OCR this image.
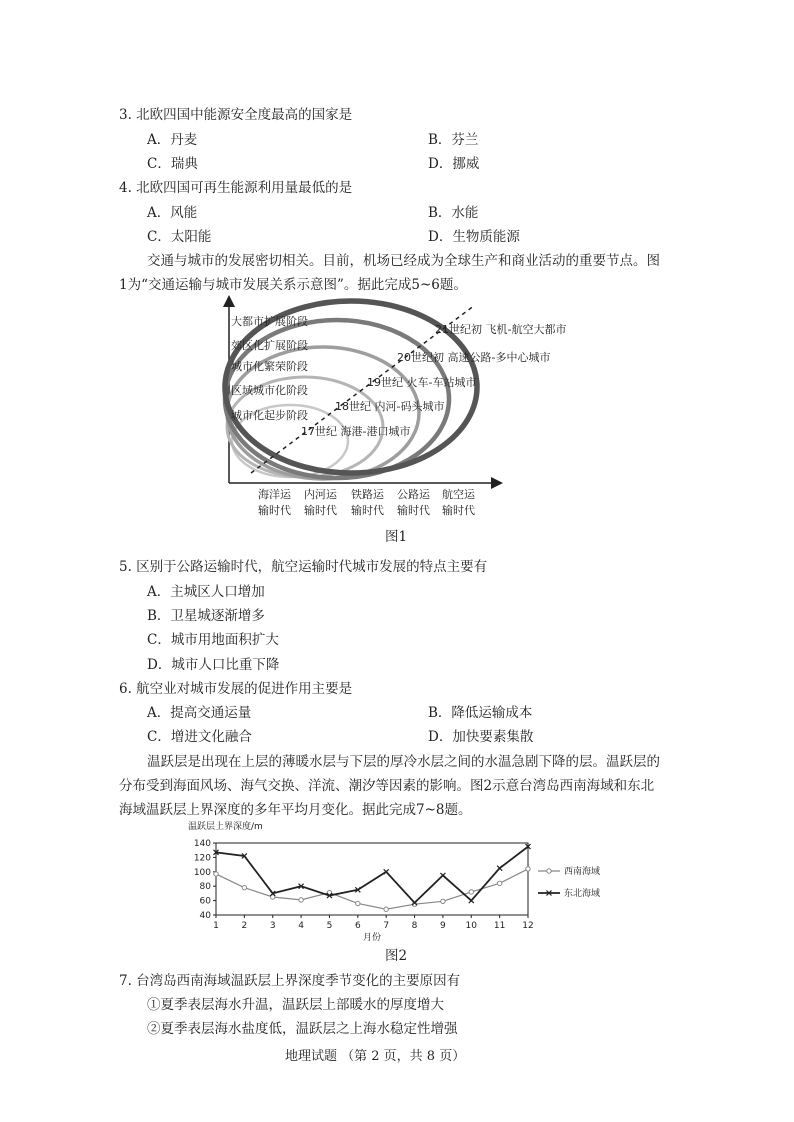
3. 北欧四国中能源安全度最高的国家是
A．丹麦	B．芬兰
C．瑞典	D．挪威
4. 北欧四国可再生能源利用量最低的是
A．风能	B．水能
C．太阳能	D．生物质能源
交通与城市的发展密切相关。目前，机场已经成为全球生产和商业活动的重要节点。图
1为“交通运输与城市发展关系示意图”。据此完成5~6题。
大都市扩展阶段
郊区化扩展阶段
城市化繁荣阶段
区域城市化阶段
城市化起步阶段
21世纪初 飞机-航空大都市
20世纪初 高速公路-多中心城市
19世纪 火车-车站城市
18世纪 内河-码头城市
17世纪 海港-港口城市
海洋运 内河运 铁路运 公路运 航空运
输时代 输时代 输时代 输时代 输时代
图1
5. 区别于公路运输时代，航空运输时代城市发展的特点主要有
A．主城区人口增加
B．卫星城逐渐增多
C．城市用地面积扩大
D．城市人口比重下降
6. 航空业对城市发展的促进作用主要是
A．提高交通运量	B．降低运输成本
C．增进文化融合	D．加快要素集散
温跃层是出现在上层的薄暖水层与下层的厚冷水层之间的水温急剧下降的层。温跃层的
分布受到海面风场、海气交换、洋流、潮汐等因素的影响。图2示意台湾岛西南海域和东北
海域温跃层上界深度的多年平均月变化。据此完成7~8题。
温跃层上界深度/m
40
60
80
100
120
140
1	2	3	4	5	6	7	8	9 10 11 12
月份
西南海域
东北海域
图2
7. 台湾岛西南海域温跃层上界深度季节变化的主要原因有
①夏季表层海水升温，温跃层上部暖水的厚度增大
②夏季表层海水盐度低，温跃层之上海水稳定性增强
地理试题 （第 2 页，共 8 页）
